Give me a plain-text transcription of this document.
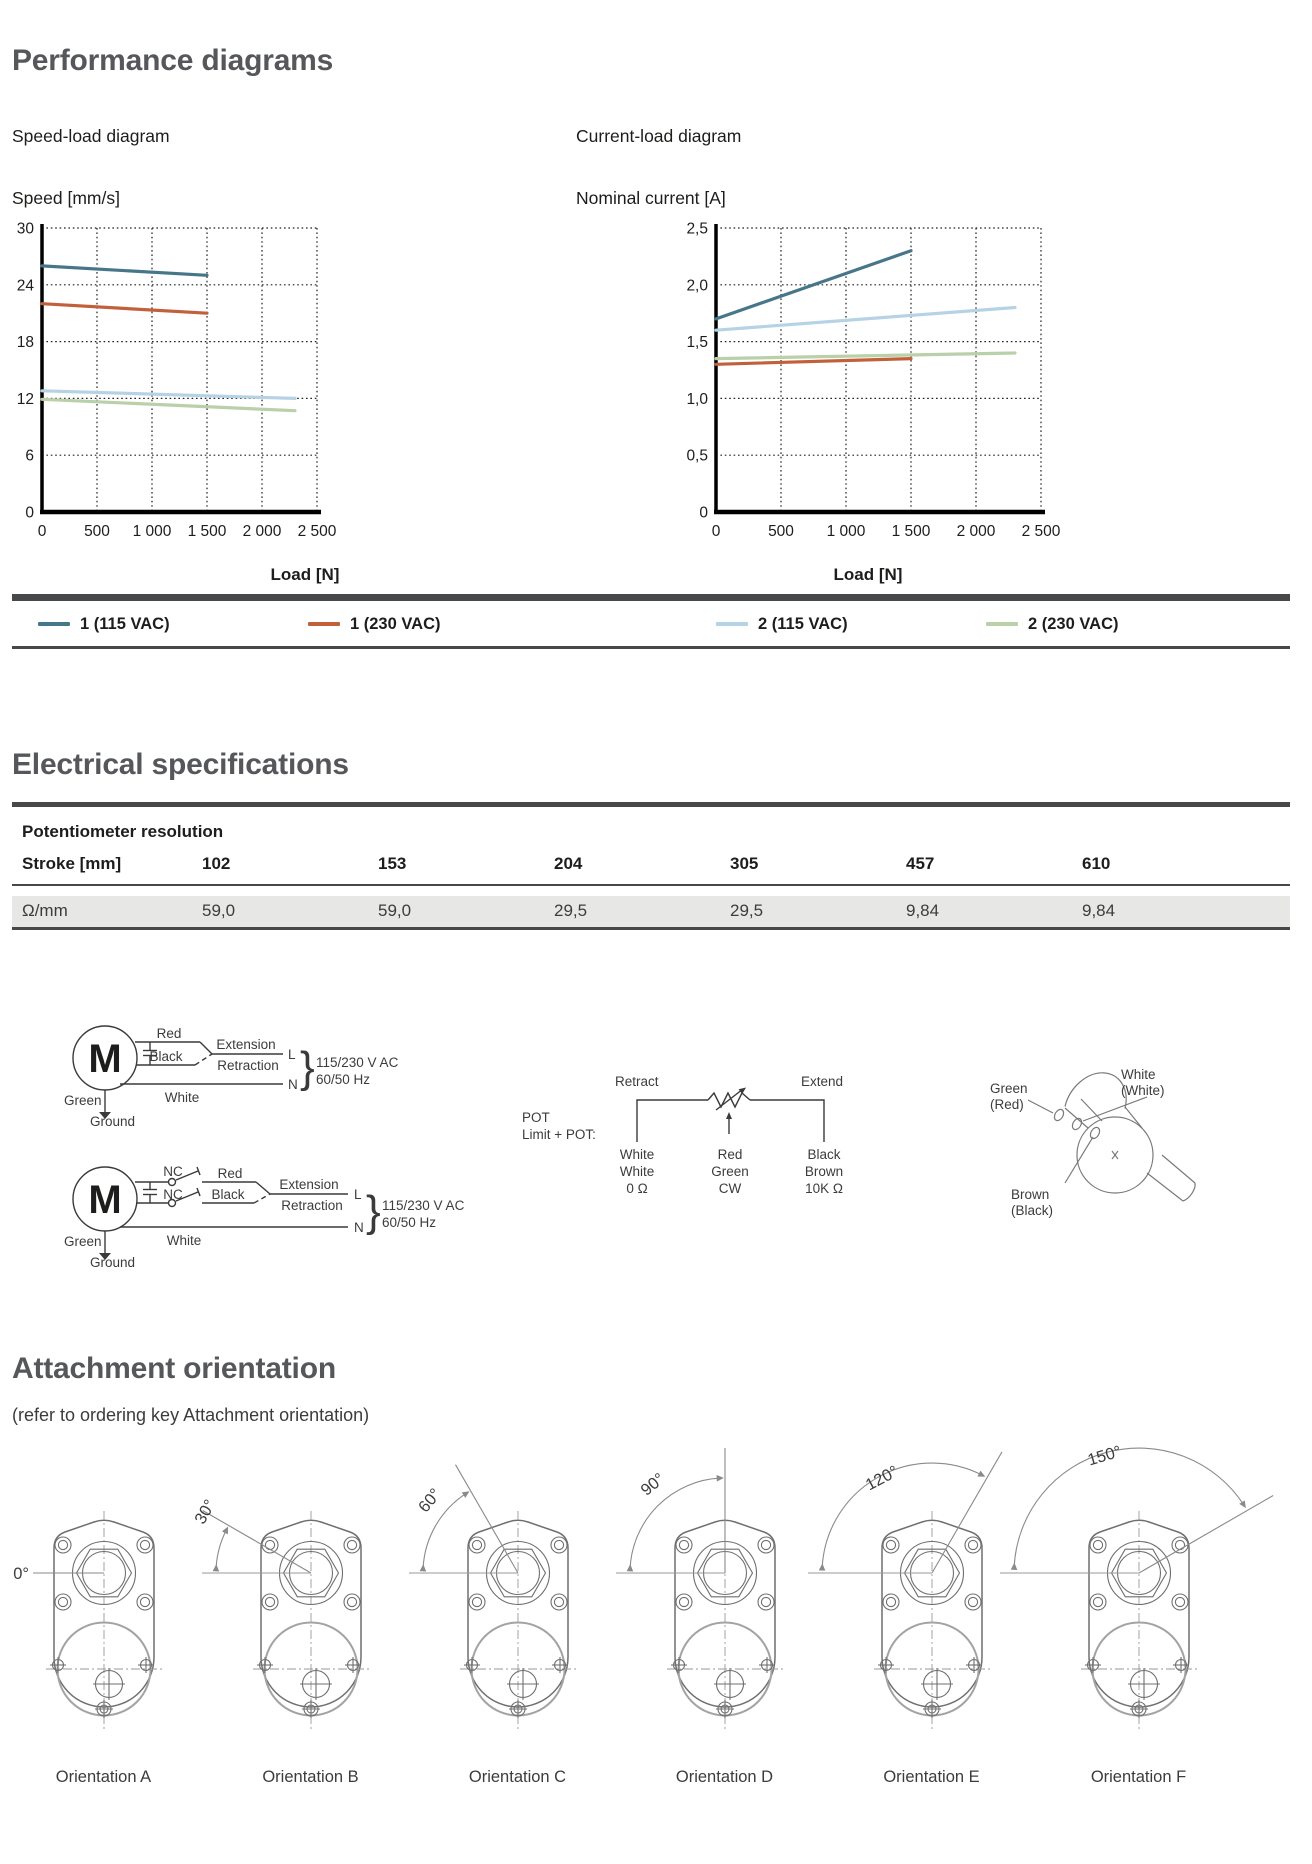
Performance diagrams
Speed-load diagram	Current-load diagram
Speed [mm/s]	Nominal current [A]
0
6
12
18
24
30
0 500 1 000 1 500 2 000 2 500
0
0,5
1,0
1,5
2,0
2,5
0	500 1 000 1 500 2 000 2 500
Load [N]	Load [N]
1 (115 VAC)	1 (230 VAC)	2 (115 VAC)	2 (230 VAC)
Electrical specifications
Potentiometer resolution
Stroke [mm]	102	153	204	305	457	610
Ω/mm	59,0	59,0	29,5	29,5	9,84	9,84
M
Red
Black
Extension
Retraction
L
N
White
} 115/230 V AC
60/50 Hz
Green
Ground
M
NC
NC
Red
Black
Extension
Retraction
L
N
White
} 115/230 V AC
60/50 Hz
Green
Ground
POT
Limit + POT:
Retract	Extend
White
White
0 Ω
Red
Green
CW
Black
Brown
10K Ω
Green
(Red)
White
(White)
Brown
(Black)
Attachment orientation
(refer to ordering key Attachment orientation)
0°
30°	60°
90°	120°
150°
Orientation A	Orientation B	Orientation C	Orientation D	Orientation E	Orientation F
